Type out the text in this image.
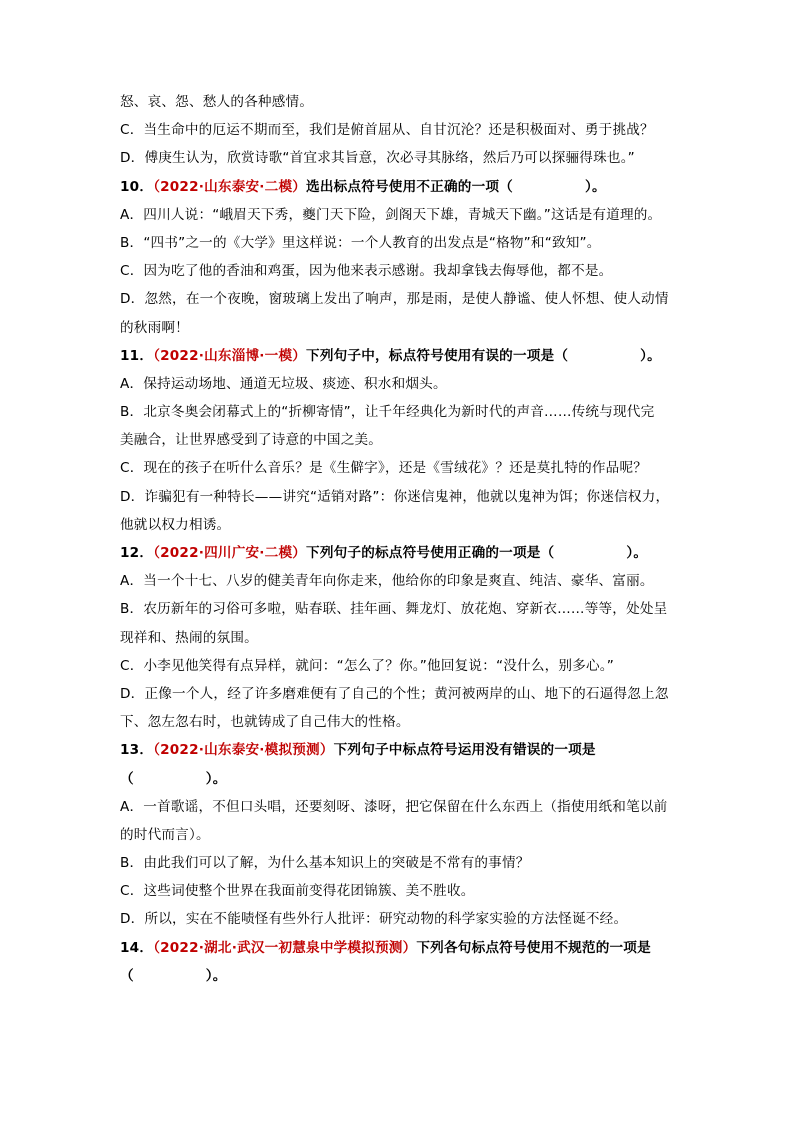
怒、哀、怨、愁人的各种感情。
C．当生命中的厄运不期而至，我们是俯首屈从、自甘沉沦？还是积极面对、勇于挑战？
D．傅庚生认为，欣赏诗歌“首宜求其旨意，次必寻其脉络，然后乃可以探骊得珠也。”
10．（2022·山东泰安·二模）选出标点符号使用不正确的一项（	）。
A．四川人说：“峨眉天下秀，夔门天下险，剑阁天下雄，青城天下幽。”这话是有道理的。
B．“四书”之一的《大学》里这样说：一个人教育的出发点是“格物”和“致知”。
C．因为吃了他的香油和鸡蛋，因为他来表示感谢。我却拿钱去侮辱他，都不是。
D．忽然，在一个夜晚，窗玻璃上发出了响声，那是雨，是使人静谧、使人怀想、使人动情
的秋雨啊！
11．（2022·山东淄博·一模）下列句子中，标点符号使用有误的一项是（	）。
A．保持运动场地、通道无垃圾、痰迹、积水和烟头。
B．北京冬奥会闭幕式上的“折柳寄情”，让千年经典化为新时代的声音……传统与现代完
美融合，让世界感受到了诗意的中国之美。
C．现在的孩子在听什么音乐？是《生僻字》，还是《雪绒花》？还是莫扎特的作品呢？
D．诈骗犯有一种特长——讲究“适销对路”：你迷信鬼神，他就以鬼神为饵；你迷信权力，
他就以权力相诱。
12．（2022·四川广安·二模）下列句子的标点符号使用正确的一项是（	）。
A．当一个十七、八岁的健美青年向你走来，他给你的印象是爽直、纯洁、豪华、富丽。
B．农历新年的习俗可多啦，贴春联、挂年画、舞龙灯、放花炮、穿新衣……等等，处处呈
现祥和、热闹的氛围。
C．小李见他笑得有点异样，就问：“怎么了？你。”他回复说：“没什么，别多心。”
D．正像一个人，经了许多磨难便有了自己的个性；黄河被两岸的山、地下的石逼得忽上忽
下、忽左忽右时，也就铸成了自己伟大的性格。
13．（2022·山东泰安·模拟预测）下列句子中标点符号运用没有错误的一项是
（	）。
A．一首歌谣，不但口头唱，还要刻呀、漆呀，把它保留在什么东西上（指使用纸和笔以前
的时代而言）。
B．由此我们可以了解，为什么基本知识上的突破是不常有的事情？
C．这些词使整个世界在我面前变得花团锦簇、美不胜收。
D．所以，实在不能啧怪有些外行人批评：研究动物的科学家实验的方法怪诞不经。
14．（2022·湖北·武汉一初慧泉中学模拟预测）下列各句标点符号使用不规范的一项是
（	）。
